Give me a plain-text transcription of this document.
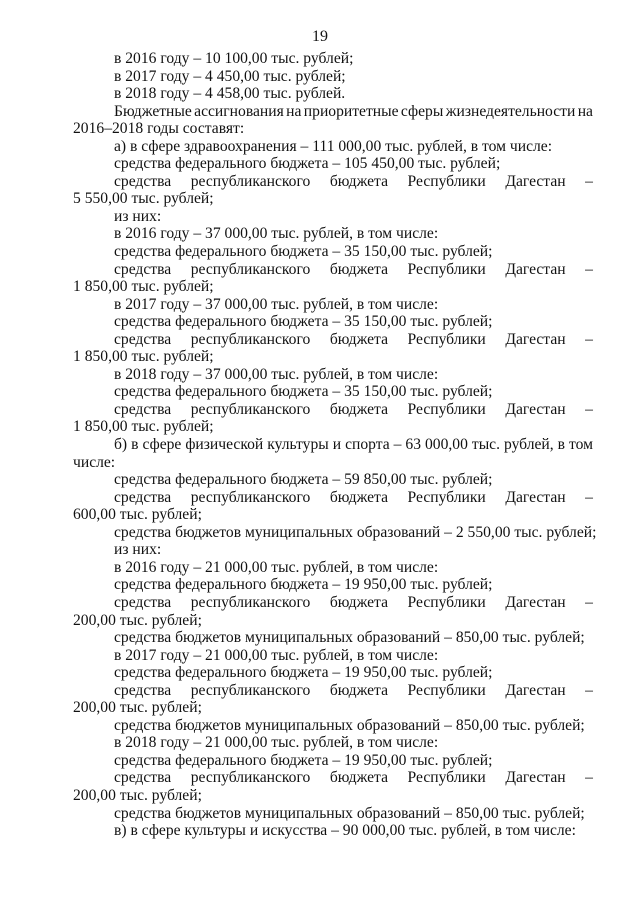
19
в 2016 году – 10 100,00 тыс. рублей;
в 2017 году – 4 450,00 тыс. рублей;
в 2018 году – 4 458,00 тыс. рублей.
Бюджетные ассигнования на приоритетные сферы жизнедеятельности на
2016–2018 годы составят:
а) в сфере здравоохранения – 111 000,00 тыс. рублей, в том числе:
средства федерального бюджета – 105 450,00 тыс. рублей;
средства республиканского бюджета Республики Дагестан –
5 550,00 тыс. рублей;
из них:
в 2016 году – 37 000,00 тыс. рублей, в том числе:
средства федерального бюджета – 35 150,00 тыс. рублей;
средства республиканского бюджета Республики Дагестан –
1 850,00 тыс. рублей;
в 2017 году – 37 000,00 тыс. рублей, в том числе:
средства федерального бюджета – 35 150,00 тыс. рублей;
средства республиканского бюджета Республики Дагестан –
1 850,00 тыс. рублей;
в 2018 году – 37 000,00 тыс. рублей, в том числе:
средства федерального бюджета – 35 150,00 тыс. рублей;
средства республиканского бюджета Республики Дагестан –
1 850,00 тыс. рублей;
б) в сфере физической культуры и спорта – 63 000,00 тыс. рублей, в том
числе:
средства федерального бюджета – 59 850,00 тыс. рублей;
средства республиканского бюджета Республики Дагестан –
600,00 тыс. рублей;
средства бюджетов муниципальных образований – 2 550,00 тыс. рублей;
из них:
в 2016 году – 21 000,00 тыс. рублей, в том числе:
средства федерального бюджета – 19 950,00 тыс. рублей;
средства республиканского бюджета Республики Дагестан –
200,00 тыс. рублей;
средства бюджетов муниципальных образований – 850,00 тыс. рублей;
в 2017 году – 21 000,00 тыс. рублей, в том числе:
средства федерального бюджета – 19 950,00 тыс. рублей;
средства республиканского бюджета Республики Дагестан –
200,00 тыс. рублей;
средства бюджетов муниципальных образований – 850,00 тыс. рублей;
в 2018 году – 21 000,00 тыс. рублей, в том числе:
средства федерального бюджета – 19 950,00 тыс. рублей;
средства республиканского бюджета Республики Дагестан –
200,00 тыс. рублей;
средства бюджетов муниципальных образований – 850,00 тыс. рублей;
в) в сфере культуры и искусства – 90 000,00 тыс. рублей, в том числе:
